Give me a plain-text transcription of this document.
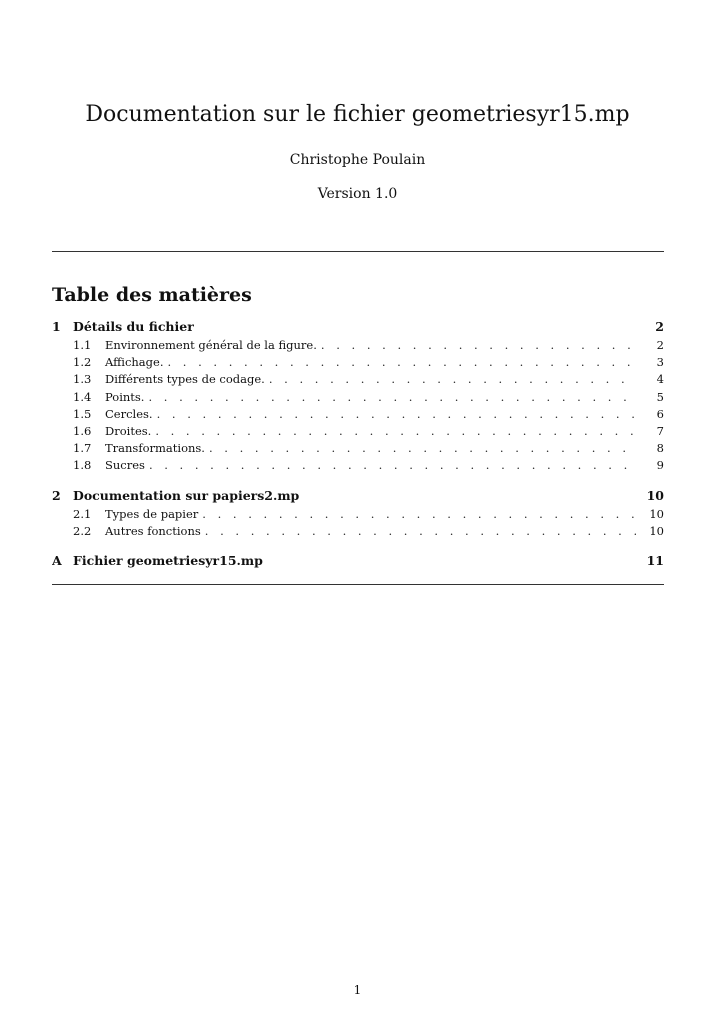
Documentation sur le fichier geometriesyr15.mp
Christophe Poulain
Version 1.0
Table des matières
1 Détails du fichier	2
1.1	Environnement général de la figure. . . .	2
1.2	Affichage. . . .	3
1.3	Différents types de codage. . . .	4
1.4	Points. . . .	5
1.5	Cercles. . . .	6
1.6	Droites. . . .	7
1.7	Transformations. . . .	8
1.8	Sucres . . .	9
2 Documentation sur papiers2.mp	10
2.1	Types de papier . . .	10
2.2	Autres fonctions . . .	10
A Fichier geometriesyr15.mp	11
1
